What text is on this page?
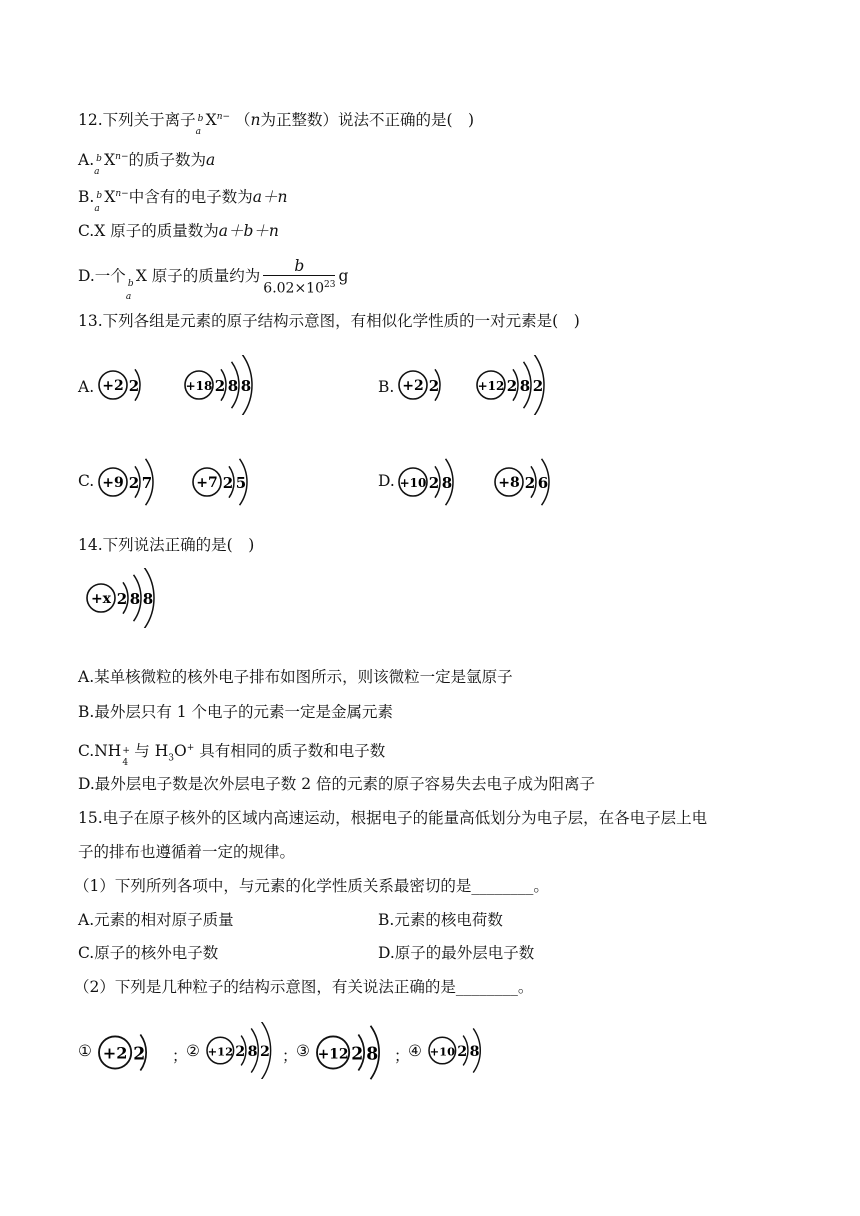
12.下列关于离子 b
a
$X^{n-}$ （n为正整数）说法不正确的是(　)
A. b
a
$X^{n-}$的质子数为a
B. b
a
$X^{n-}$中含有的电子数为a＋n
C.X 原子的质量数为a＋b＋n
D.一个 b
a
X 原子的质量约为 $\frac{b}{6.02\times 10^{23}}$ g
13.下列各组是元素的原子结构示意图，有相似化学性质的一对元素是(　)
A. +2 2	+18 2 8 8	B. +2 2	+12 2 8 2
C. +9 2 7	+7 2 5	D. +10 2 8	+8 2 6
14.下列说法正确的是(　)
+x 2 8 8
A.某单核微粒的核外电子排布如图所示，则该微粒一定是氩原子
B.最外层只有 1 个电子的元素一定是金属元素
C.NH +
4
与 $H_3O^+$ 具有相同的质子数和电子数
D.最外层电子数是次外层电子数 2 倍的元素的原子容易失去电子成为阳离子
15.电子在原子核外的区域内高速运动，根据电子的能量高低划分为电子层，在各电子层上电
子的排布也遵循着一定的规律。
（1）下列所列各项中，与元素的化学性质关系最密切的是________。
A.元素的相对原子质量	B.元素的核电荷数
C.原子的核外电子数	D.原子的最外层电子数
（2）下列是几种粒子的结构示意图，有关说法正确的是________。
① +2 2 ；
② +12 2 8 2 ；
③ +12 2 8 ；
④ +10 2 8
